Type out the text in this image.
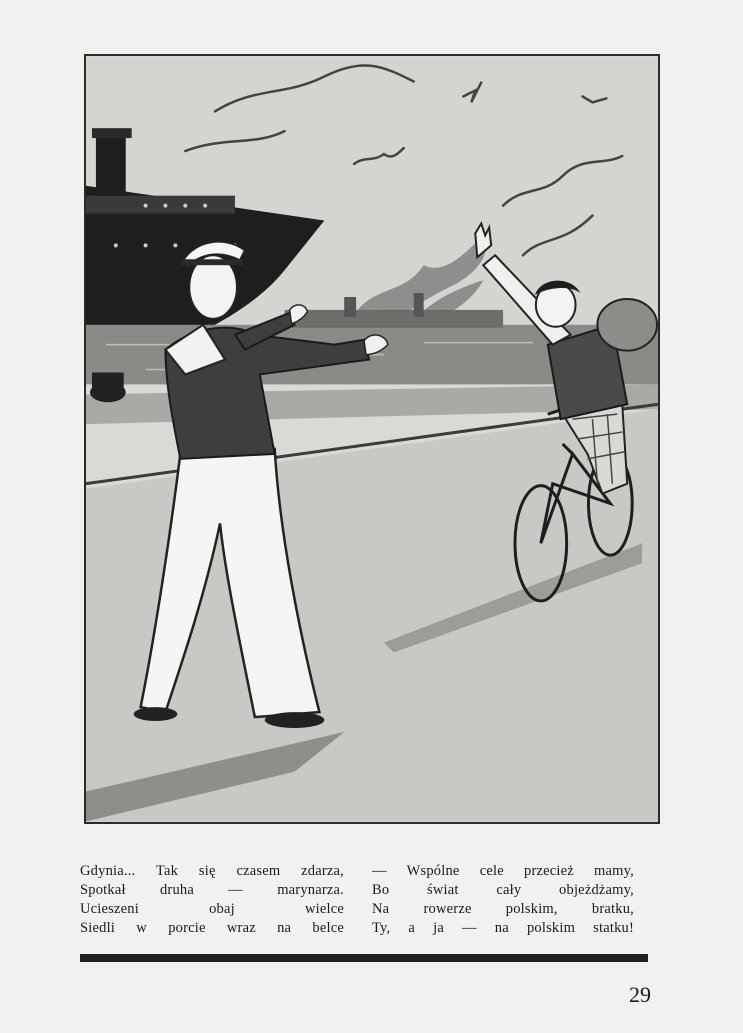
Gdynia... Tak się czasem zdarza,
Spotkał druha — marynarza.
Ucieszeni obaj wielce
Siedli w porcie wraz na belce
— Wspólne cele przecież mamy,
Bo świat cały objeżdżamy,
Na rowerze polskim, bratku,
Ty, a ja — na polskim statku!
29
